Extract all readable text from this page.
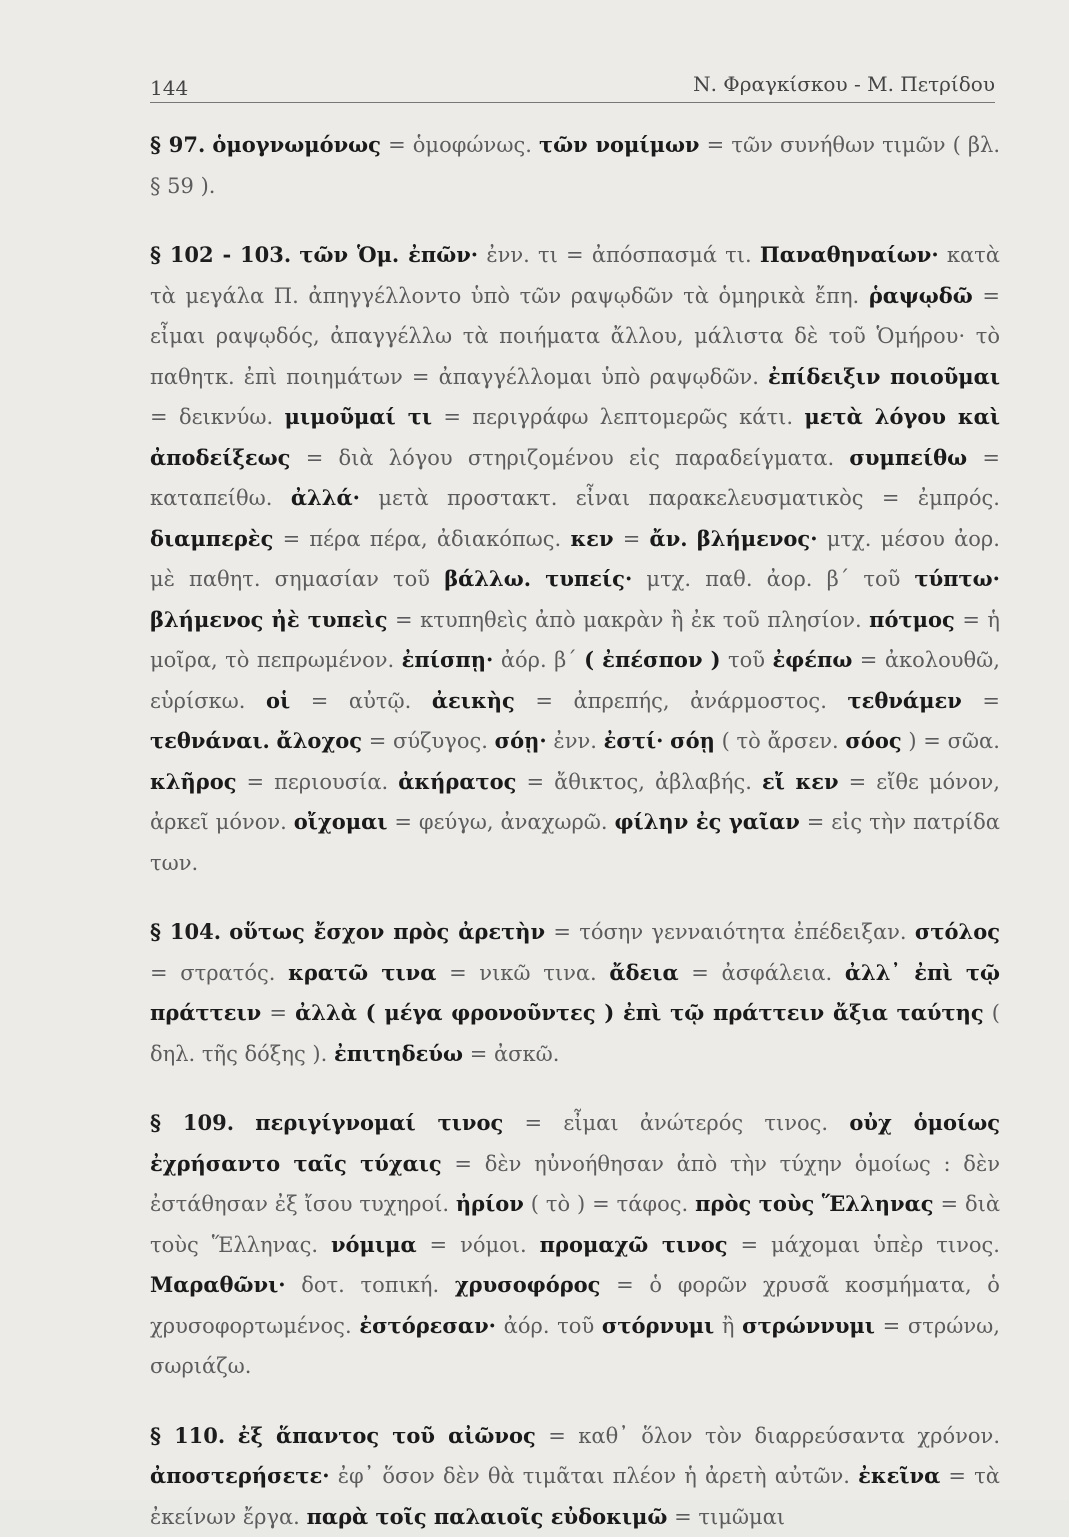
144	Ν. Φραγκίσκου - Μ. Πετρίδου

§ 97. ὁμογνωμόνως = ὁμοφώνως. τῶν νομίμων = τῶν συνήθων τιμῶν ( βλ. § 59 ).

§ 102 - 103. τῶν Ὁμ. ἐπῶν· ἐνν. τι = ἀπόσπασμά τι. Παναθηναίων· κατὰ τὰ μεγάλα Π. ἀπηγγέλλοντο ὑπὸ τῶν ραψῳδῶν τὰ ὁμηρικὰ ἔπη. ῥαψῳδῶ = εἶμαι ραψῳδός, ἀπαγγέλλω τὰ ποιήματα ἄλλου, μάλιστα δὲ τοῦ Ὁμήρου· τὸ παθητκ. ἐπὶ ποιημάτων = ἀπαγγέλλομαι ὑπὸ ραψῳδῶν. ἐπίδειξιν ποιοῦμαι = δεικνύω. μιμοῦμαί τι = περιγράφω λεπτομερῶς κάτι. μετὰ λόγου καὶ ἀποδείξεως = διὰ λόγου στηριζομένου εἰς παραδείγματα. συμπείθω = καταπείθω. ἀλλά· μετὰ προστακτ. εἶναι παρακελευσματικὸς = ἐμπρός. διαμπερὲς = πέρα πέρα, ἀδιακόπως. κεν = ἄν. βλήμενος· μτχ. μέσου ἀορ. μὲ παθητ. σημασίαν τοῦ βάλλω. τυπείς· μτχ. παθ. ἀορ. β΄ τοῦ τύπτω· βλήμενος ἠὲ τυπεὶς = κτυπηθεὶς ἀπὸ μακρὰν ἢ ἐκ τοῦ πλησίον. πότμος = ἡ μοῖρα, τὸ πεπρωμένον. ἐπίσπῃ· ἀόρ. β΄ ( ἐπέσπον ) τοῦ ἐφέπω = ἀκολουθῶ, εὑρίσκω. οἱ = αὐτῷ. ἀεικὴς = ἀπρεπής, ἀνάρμοστος. τεθνάμεν = τεθνάναι. ἄλοχος = σύζυγος. σόῃ· ἐνν. ἐστί· σόῃ ( τὸ ἄρσεν. σόος ) = σῶα. κλῆρος = περιουσία. ἀκήρατος = ἄθικτος, ἀβλαβής. εἴ κεν = εἴθε μόνον, ἀρκεῖ μόνον. οἴχομαι = φεύγω, ἀναχωρῶ. φίλην ἐς γαῖαν = εἰς τὴν πατρίδα των.

§ 104. οὕτως ἔσχον πρὸς ἀρετὴν = τόσην γενναιότητα ἐπέδειξαν. στόλος = στρατός. κρατῶ τινα = νικῶ τινα. ἄδεια = ἀσφάλεια. ἀλλ᾽ ἐπὶ τῷ πράττειν = ἀλλὰ ( μέγα φρονοῦντες ) ἐπὶ τῷ πράττειν ἄξια ταύτης ( δηλ. τῆς δόξης ). ἐπιτηδεύω = ἀσκῶ.

§ 109. περιγίγνομαί τινος = εἶμαι ἀνώτερός τινος. οὐχ ὁμοίως ἐχρήσαντο ταῖς τύχαις = δὲν ηὐνοήθησαν ἀπὸ τὴν τύχην ὁμοίως : δὲν ἐστάθησαν ἐξ ἴσου τυχηροί. ἠρίον ( τὸ ) = τάφος. πρὸς τοὺς Ἕλληνας = διὰ τοὺς Ἕλληνας. νόμιμα = νόμοι. προμαχῶ τινος = μάχομαι ὑπὲρ τινος. Μαραθῶνι· δοτ. τοπική. χρυσοφόρος = ὁ φορῶν χρυσᾶ κοσμήματα, ὁ χρυσοφορτωμένος. ἐστόρεσαν· ἀόρ. τοῦ στόρνυμι ἢ στρώννυμι = στρώνω, σωριάζω.

§ 110. ἐξ ἅπαντος τοῦ αἰῶνος = καθ᾽ ὅλον τὸν διαρρεύσαντα χρόνον. ἀποστερήσετε· ἐφ᾽ ὅσον δὲν θὰ τιμᾶται πλέον ἡ ἀρετὴ αὐτῶν. ἐκεῖνα = τὰ ἐκείνων ἔργα. παρὰ τοῖς παλαιοῖς εὐδοκιμῶ = τιμῶμαι
